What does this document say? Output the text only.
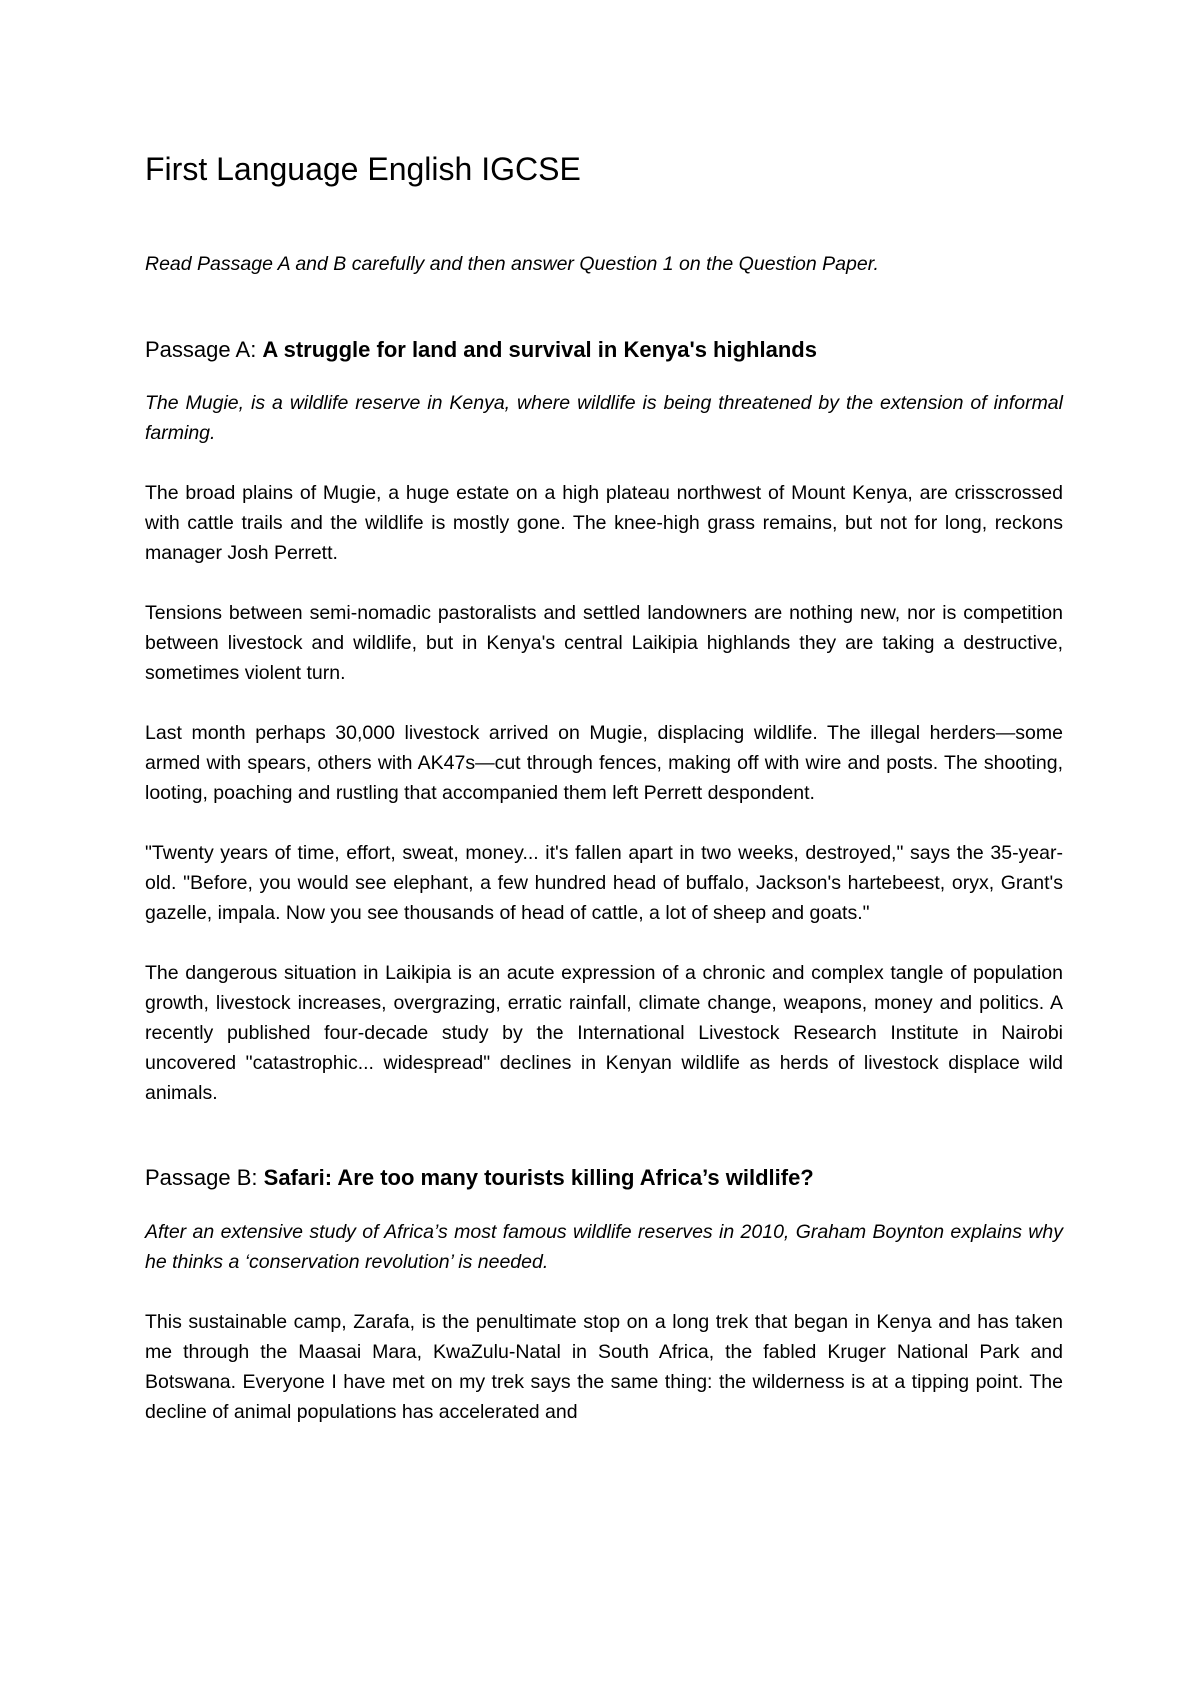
First Language English IGCSE

Read Passage A and B carefully and then answer Question 1 on the Question Paper.

Passage A: A struggle for land and survival in Kenya's highlands

The Mugie, is a wildlife reserve in Kenya, where wildlife is being threatened by the extension of informal farming.

The broad plains of Mugie, a huge estate on a high plateau northwest of Mount Kenya, are crisscrossed with cattle trails and the wildlife is mostly gone. The knee-high grass remains, but not for long, reckons manager Josh Perrett.

Tensions between semi-nomadic pastoralists and settled landowners are nothing new, nor is competition between livestock and wildlife, but in Kenya's central Laikipia highlands they are taking a destructive, sometimes violent turn.

Last month perhaps 30,000 livestock arrived on Mugie, displacing wildlife. The illegal herders—some armed with spears, others with AK47s—cut through fences, making off with wire and posts. The shooting, looting, poaching and rustling that accompanied them left Perrett despondent.

"Twenty years of time, effort, sweat, money... it's fallen apart in two weeks, destroyed," says the 35-year-old. "Before, you would see elephant, a few hundred head of buffalo, Jackson's hartebeest, oryx, Grant's gazelle, impala. Now you see thousands of head of cattle, a lot of sheep and goats."

The dangerous situation in Laikipia is an acute expression of a chronic and complex tangle of population growth, livestock increases, overgrazing, erratic rainfall, climate change, weapons, money and politics. A recently published four-decade study by the International Livestock Research Institute in Nairobi uncovered "catastrophic... widespread" declines in Kenyan wildlife as herds of livestock displace wild animals.

Passage B: Safari: Are too many tourists killing Africa’s wildlife?

After an extensive study of Africa’s most famous wildlife reserves in 2010, Graham Boynton explains why he thinks a ‘conservation revolution’ is needed.

This sustainable camp, Zarafa, is the penultimate stop on a long trek that began in Kenya and has taken me through the Maasai Mara, KwaZulu-Natal in South Africa, the fabled Kruger National Park and Botswana. Everyone I have met on my trek says the same thing: the wilderness is at a tipping point. The decline of animal populations has accelerated and
